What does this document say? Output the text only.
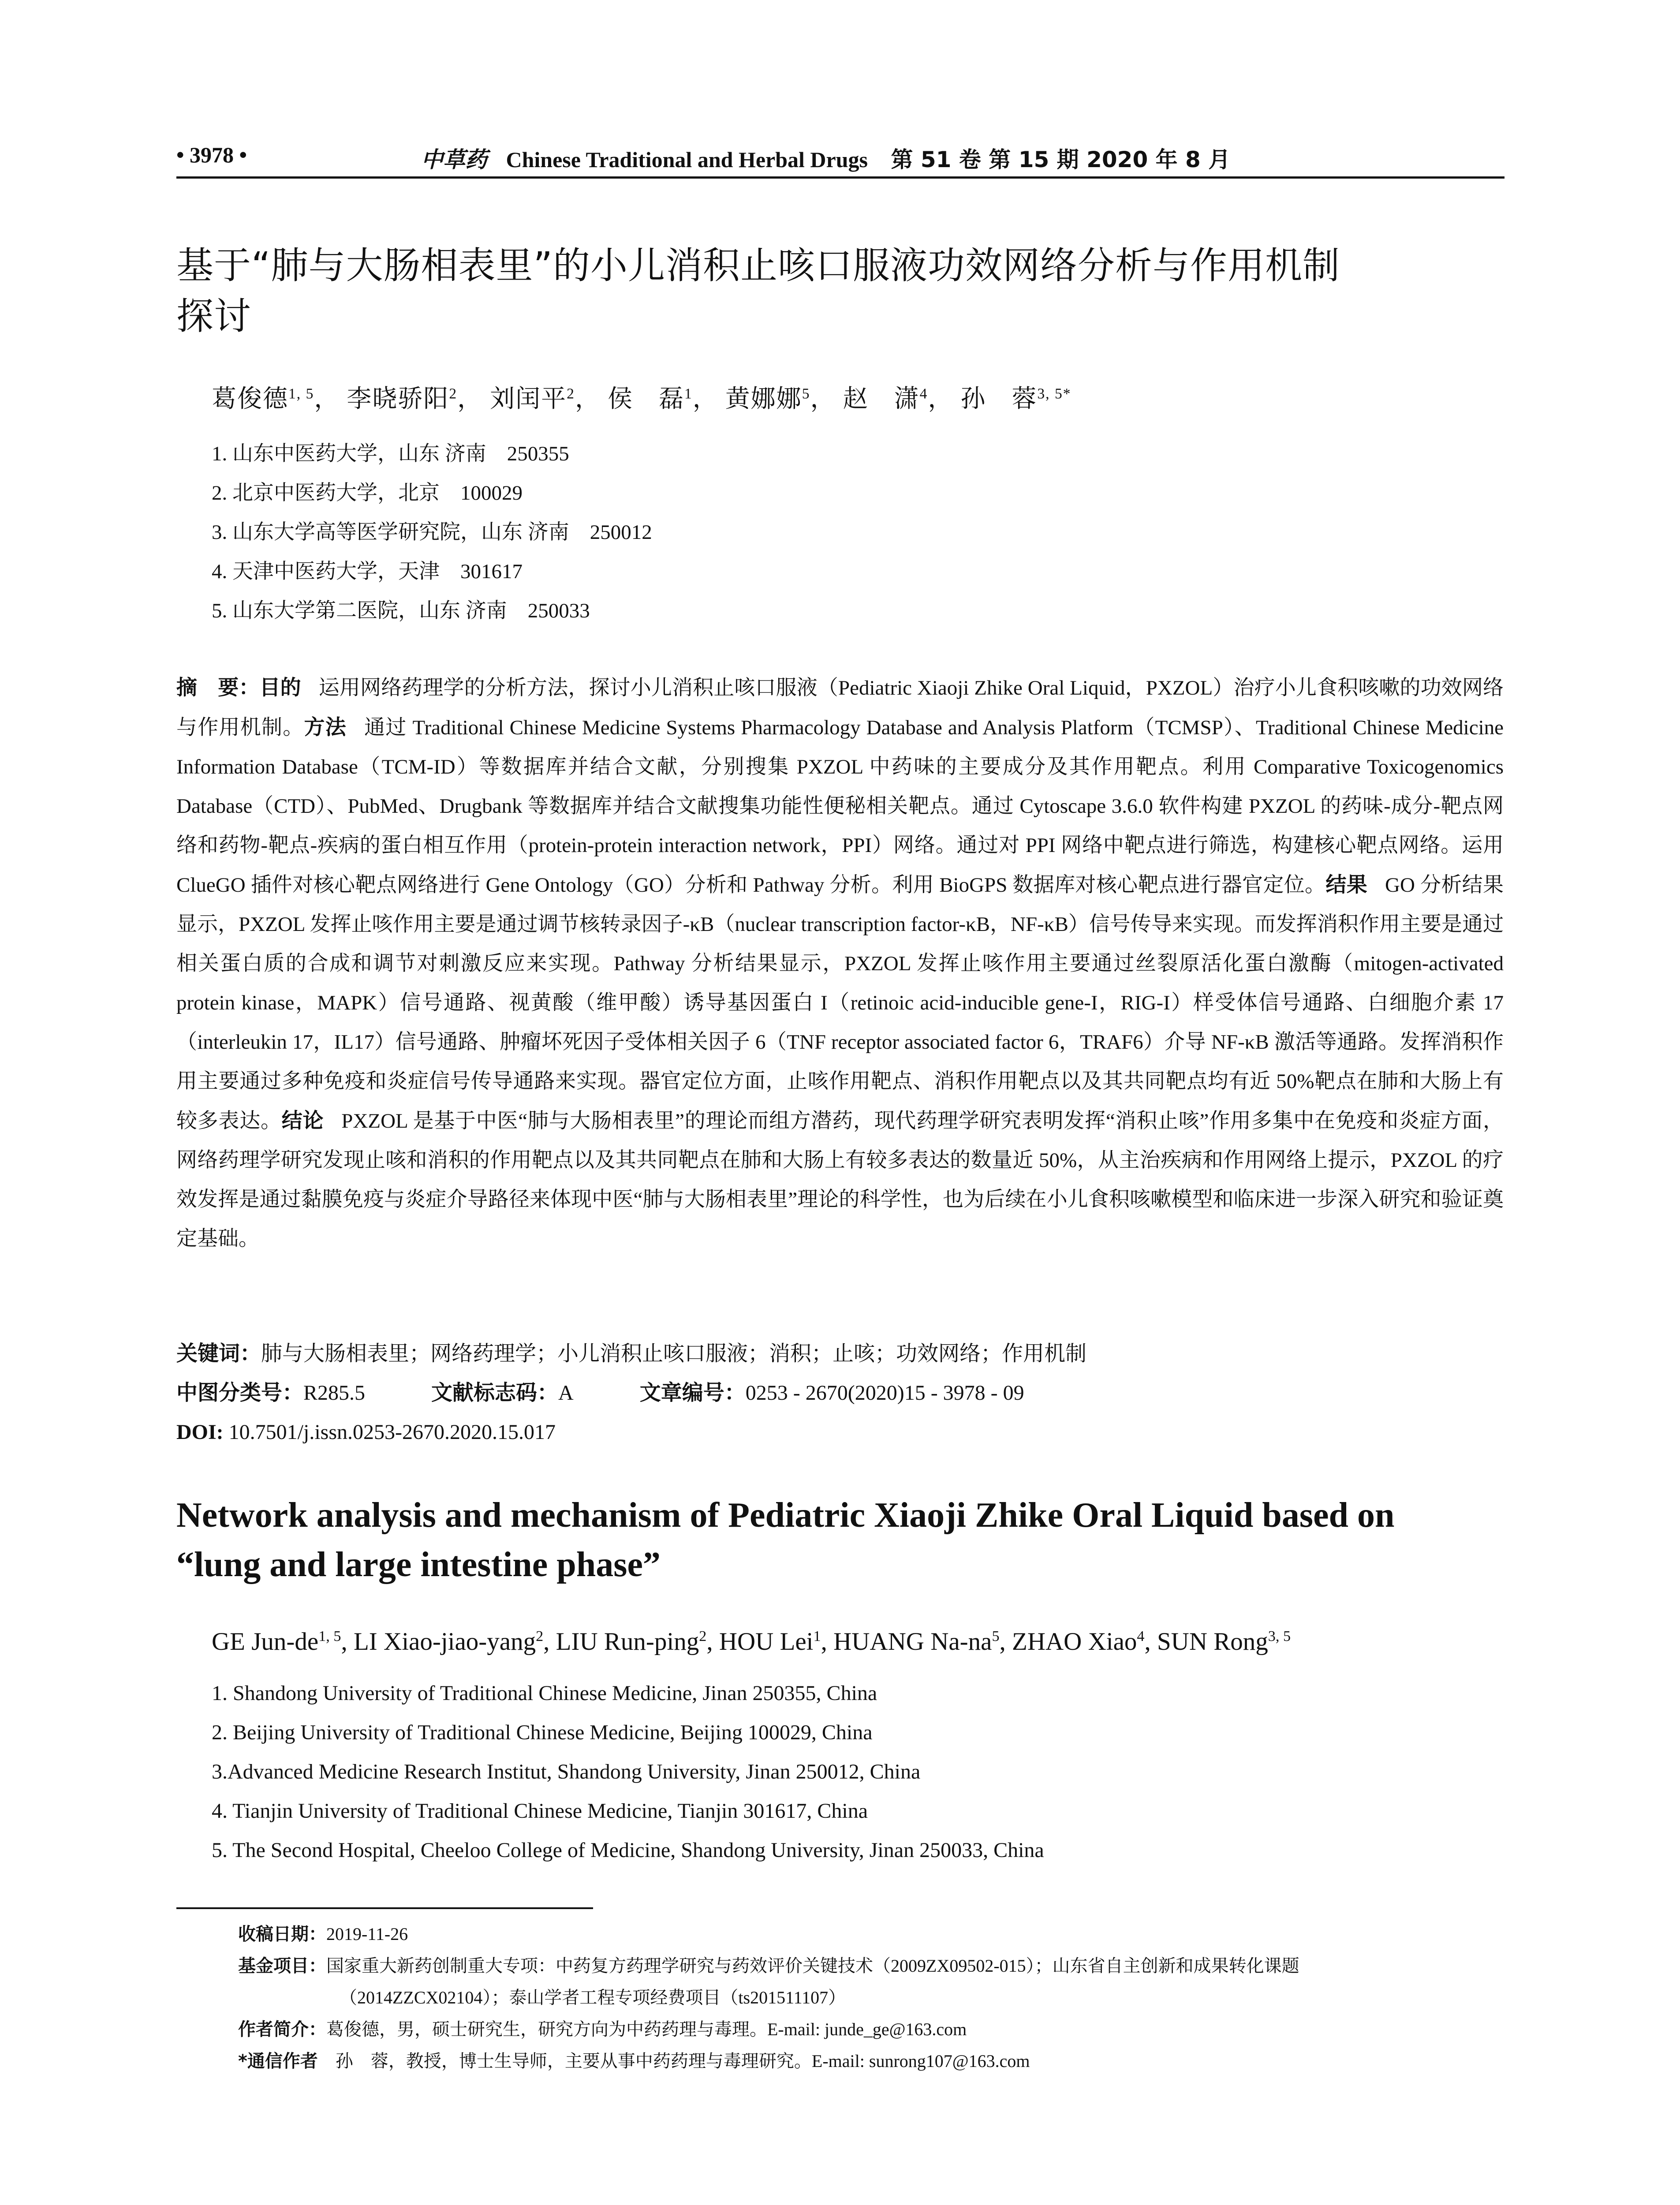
• 3978 •	中草药 Chinese Traditional and Herbal Drugs 第 51 卷 第 15 期 2020 年 8 月
基于“肺与大肠相表里”的小儿消积止咳口服液功效网络分析与作用机制
探讨
葛俊德$^{1, 5}$， 李晓骄阳$^2$， 刘闰平$^2$， 侯　磊$^1$， 黄娜娜$^5$， 赵　潇$^4$， 孙　蓉$^{3, 5*}$
1. 山东中医药大学，山东 济南　250355
2. 北京中医药大学，北京　100029
3. 山东大学高等医学研究院，山东 济南　250012
4. 天津中医药大学，天津　301617
5. 山东大学第二医院，山东 济南　250033
摘　要：目的 运用网络药理学的分析方法，探讨小儿消积止咳口服液（Pediatric Xiaoji Zhike Oral Liquid，PXZOL）治疗小儿食积咳嗽的功效网络与作用机制。方法 通过 Traditional Chinese Medicine Systems Pharmacology Database and Analysis Platform（TCMSP）、Traditional Chinese Medicine Information Database（TCM-ID）等数据库并结合文献，分别搜集 PXZOL 中药味的主要成分及其作用靶点。利用 Comparative Toxicogenomics Database（CTD）、PubMed、Drugbank 等数据库并结合文献搜集功能性便秘相关靶点。通过 Cytoscape 3.6.0 软件构建 PXZOL 的药味-成分-靶点网络和药物-靶点-疾病的蛋白相互作用（protein-protein interaction network，PPI）网络。通过对 PPI 网络中靶点进行筛选，构建核心靶点网络。运用 ClueGO 插件对核心靶点网络进行 Gene Ontology（GO）分析和 Pathway 分析。利用 BioGPS 数据库对核心靶点进行器官定位。结果 GO 分析结果显示，PXZOL 发挥止咳作用主要是通过调节核转录因子-κB（nuclear transcription factor-κB，NF-κB）信号传导来实现。而发挥消积作用主要是通过相关蛋白质的合成和调节对刺激反应来实现。Pathway 分析结果显示，PXZOL 发挥止咳作用主要通过丝裂原活化蛋白激酶（mitogen-activated protein kinase，MAPK）信号通路、视黄酸（维甲酸）诱导基因蛋白 I（retinoic acid-inducible gene-I，RIG-I）样受体信号通路、白细胞介素 17（interleukin 17，IL17）信号通路、肿瘤坏死因子受体相关因子 6（TNF receptor associated factor 6，TRAF6）介导 NF-κB 激活等通路。发挥消积作用主要通过多种免疫和炎症信号传导通路来实现。器官定位方面，止咳作用靶点、消积作用靶点以及其共同靶点均有近 50%靶点在肺和大肠上有较多表达。结论 PXZOL 是基于中医“肺与大肠相表里”的理论而组方潜药，现代药理学研究表明发挥“消积止咳”作用多集中在免疫和炎症方面，网络药理学研究发现止咳和消积的作用靶点以及其共同靶点在肺和大肠上有较多表达的数量近 50%，从主治疾病和作用网络上提示，PXZOL 的疗效发挥是通过黏膜免疫与炎症介导路径来体现中医“肺与大肠相表里”理论的科学性，也为后续在小儿食积咳嗽模型和临床进一步深入研究和验证奠定基础。
关键词：肺与大肠相表里；网络药理学；小儿消积止咳口服液；消积；止咳；功效网络；作用机制
中图分类号：R285.5	文献标志码：A	文章编号：0253 - 2670(2020)15 - 3978 - 09
DOI: 10.7501/j.issn.0253-2670.2020.15.017
Network analysis and mechanism of Pediatric Xiaoji Zhike Oral Liquid based on
“lung and large intestine phase”
GE Jun-de$^{1, 5}$, LI Xiao-jiao-yang$^2$, LIU Run-ping$^2$, HOU Lei$^1$, HUANG $Na-na^5$, ZHAO Xiao$^4$, SUN Rong$^{3, 5}$
1. Shandong University of Traditional Chinese Medicine, Jinan 250355, China
2. Beijing University of Traditional Chinese Medicine, Beijing 100029, China
3.Advanced Medicine Research Institut, Shandong University, Jinan 250012, China
4. Tianjin University of Traditional Chinese Medicine, Tianjin 301617, China
5. The Second Hospital, Cheeloo College of Medicine, Shandong University, Jinan 250033, China
收稿日期：2019-11-26
基金项目：国家重大新药创制重大专项：中药复方药理学研究与药效评价关键技术（2009ZX09502-015）；山东省自主创新和成果转化课题
（2014ZZCX02104）；泰山学者工程专项经费项目（ts201511107）
作者简介：葛俊德，男，硕士研究生，研究方向为中药药理与毒理。E-mail: junde_ge@163.com
*通信作者　 孙　蓉，教授，博士生导师，主要从事中药药理与毒理研究。E-mail: sunrong107@163.com
